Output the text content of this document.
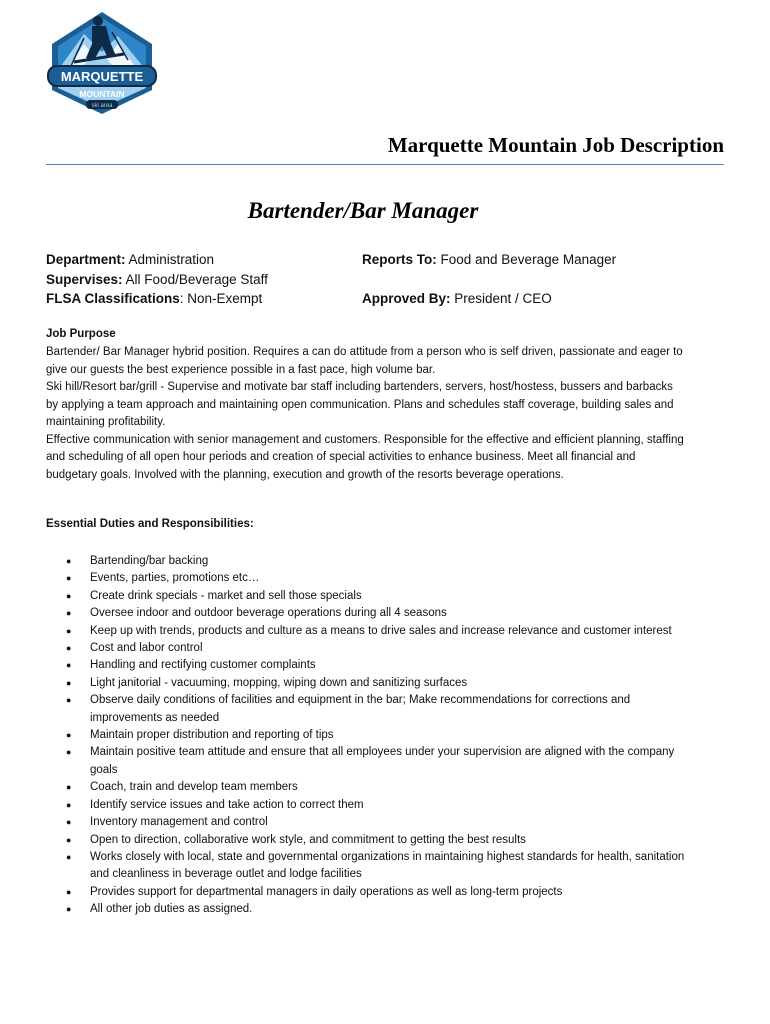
MARQUETTE
MOUNTAIN
ski area
Marquette Mountain Job Description
Bartender/Bar Manager
Department: Administration
Supervises: All Food/Beverage Staff
FLSA Classifications: Non-Exempt
Reports To: Food and Beverage Manager
Approved By: President / CEO
Job Purpose

Bartender/ Bar Manager hybrid position. Requires a can do attitude from a person who is self driven, passionate and eager to give our guests the best experience possible in a fast pace, high volume bar.

Ski hill/Resort bar/grill - Supervise and motivate bar staff including bartenders, servers, host/hostess, bussers and barbacks by applying a team approach and maintaining open communication. Plans and schedules staff coverage, building sales and maintaining profitability.

Effective communication with senior management and customers. Responsible for the effective and efficient planning, staffing and scheduling of all open hour periods and creation of special activities to enhance business. Meet all financial and budgetary goals. Involved with the planning, execution and growth of the resorts beverage operations.

Essential Duties and Responsibilities:
● Bartending/bar backing
● Events, parties, promotions etc…
● Create drink specials - market and sell those specials
● Oversee indoor and outdoor beverage operations during all 4 seasons
● Keep up with trends, products and culture as a means to drive sales and increase relevance and customer interest
● Cost and labor control
● Handling and rectifying customer complaints
● Light janitorial - vacuuming, mopping, wiping down and sanitizing surfaces
● Observe daily conditions of facilities and equipment in the bar; Make recommendations for corrections and improvements as needed
● Maintain proper distribution and reporting of tips
● Maintain positive team attitude and ensure that all employees under your supervision are aligned with the company goals
● Coach, train and develop team members
● Identify service issues and take action to correct them
● Inventory management and control
● Open to direction, collaborative work style, and commitment to getting the best results
● Works closely with local, state and governmental organizations in maintaining highest standards for health, sanitation and cleanliness in beverage outlet and lodge facilities
● Provides support for departmental managers in daily operations as well as long-term projects
● All other job duties as assigned.
